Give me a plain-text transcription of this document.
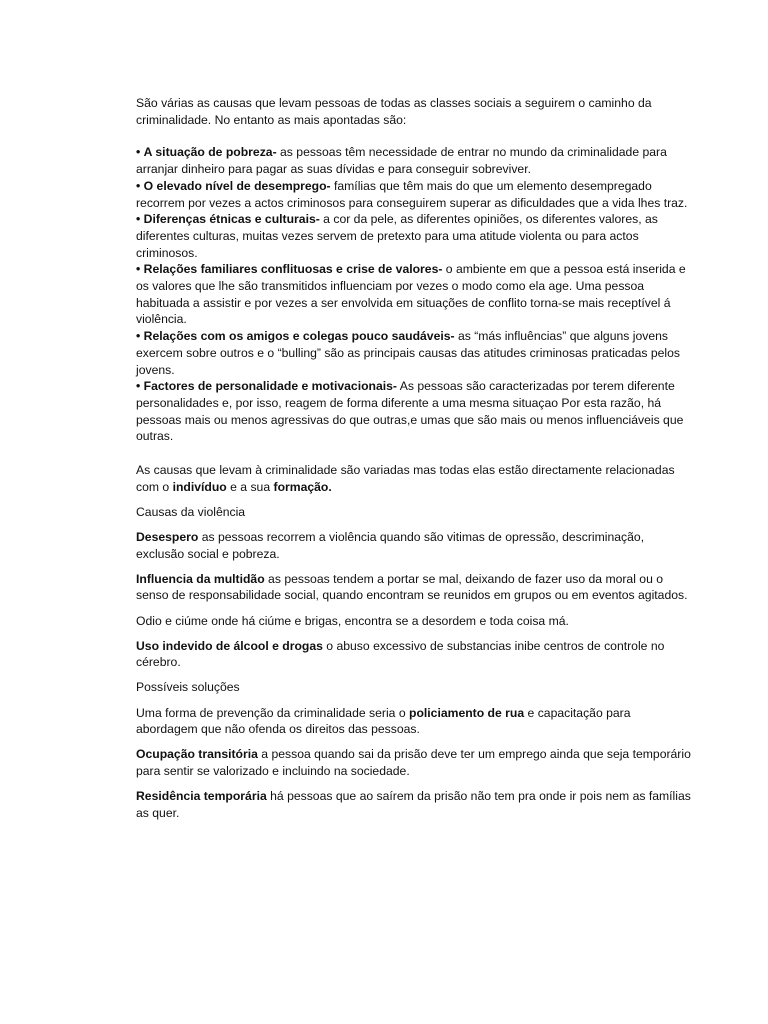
São várias as causas que levam pessoas de todas as classes sociais a seguirem o caminho da criminalidade. No entanto as mais apontadas são:

• A situação de pobreza- as pessoas têm necessidade de entrar no mundo da criminalidade para arranjar dinheiro para pagar as suas dívidas e para conseguir sobreviver.

• O elevado nível de desemprego- famílias que têm mais do que um elemento desempregado recorrem por vezes a actos criminosos para conseguirem superar as dificuldades que a vida lhes traz.

• Diferenças étnicas e culturais- a cor da pele, as diferentes opiniões, os diferentes valores, as diferentes culturas, muitas vezes servem de pretexto para uma atitude violenta ou para actos criminosos.

• Relações familiares conflituosas e crise de valores- o ambiente em que a pessoa está inserida e os valores que lhe são transmitidos influenciam por vezes o modo como ela age. Uma pessoa habituada a assistir e por vezes a ser envolvida em situações de conflito torna-se mais receptível á violência.

• Relações com os amigos e colegas pouco saudáveis- as “más influências” que alguns jovens exercem sobre outros e o “bulling” são as principais causas das atitudes criminosas praticadas pelos jovens.

• Factores de personalidade e motivacionais- As pessoas são caracterizadas por terem diferente personalidades e, por isso, reagem de forma diferente a uma mesma situaçao Por esta razão, há pessoas mais ou menos agressivas do que outras,e umas que são mais ou menos influenciáveis que outras.

As causas que levam à criminalidade são variadas mas todas elas estão directamente relacionadas com o indivíduo e a sua formação.

Causas da violência

Desespero as pessoas recorrem a violência quando são vitimas de opressão, descriminação, exclusão social e pobreza.

Influencia da multidão as pessoas tendem a portar se mal, deixando de fazer uso da moral ou o senso de responsabilidade social, quando encontram se reunidos em grupos ou em eventos agitados.

Odio e ciúme onde há ciúme e brigas, encontra se a desordem e toda coisa má.

Uso indevido de álcool e drogas o abuso excessivo de substancias inibe centros de controle no cérebro.

Possíveis soluções

Uma forma de prevenção da criminalidade seria o policiamento de rua e capacitação para abordagem que não ofenda os direitos das pessoas.

Ocupação transitória a pessoa quando sai da prisão deve ter um emprego ainda que seja temporário para sentir se valorizado e incluindo na sociedade.

Residência temporária há pessoas que ao saírem da prisão não tem pra onde ir pois nem as famílias as quer.
